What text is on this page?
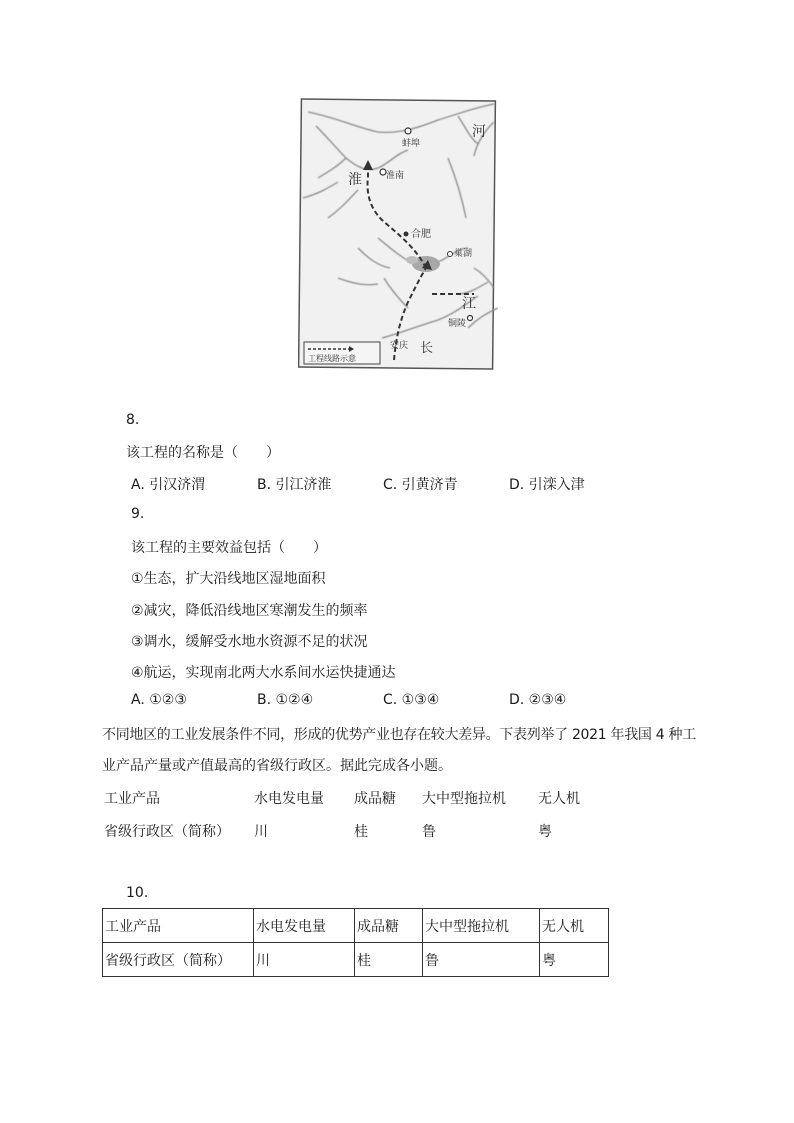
河
蚌埠
淮	淮南
合肥
巢湖
江
铜陵
安庆 长
工程线路示意
8.
该工程的名称是（　　）
A. 引汉济渭	B. 引江济淮	C. 引黄济青	D. 引滦入津
9.
该工程的主要效益包括（　　）
①生态，扩大沿线地区湿地面积
②减灾，降低沿线地区寒潮发生的频率
③调水，缓解受水地水资源不足的状况
④航运，实现南北两大水系间水运快捷通达
A. ①②③	B. ①②④	C. ①③④	D. ②③④
不同地区的工业发展条件不同，形成的优势产业也存在较大差异。下表列举了 2021 年我国 4 种工
业产品产量或产值最高的省级行政区。据此完成各小题。
工业产品	水电发电量 成品糖 大中型拖拉机 无人机
省级行政区（简称） 川	桂	鲁	粤
10.
工业产品	水电发电量	成品糖	大中型拖拉机	无人机
省级行政区（简称）	川	桂	鲁	粤
